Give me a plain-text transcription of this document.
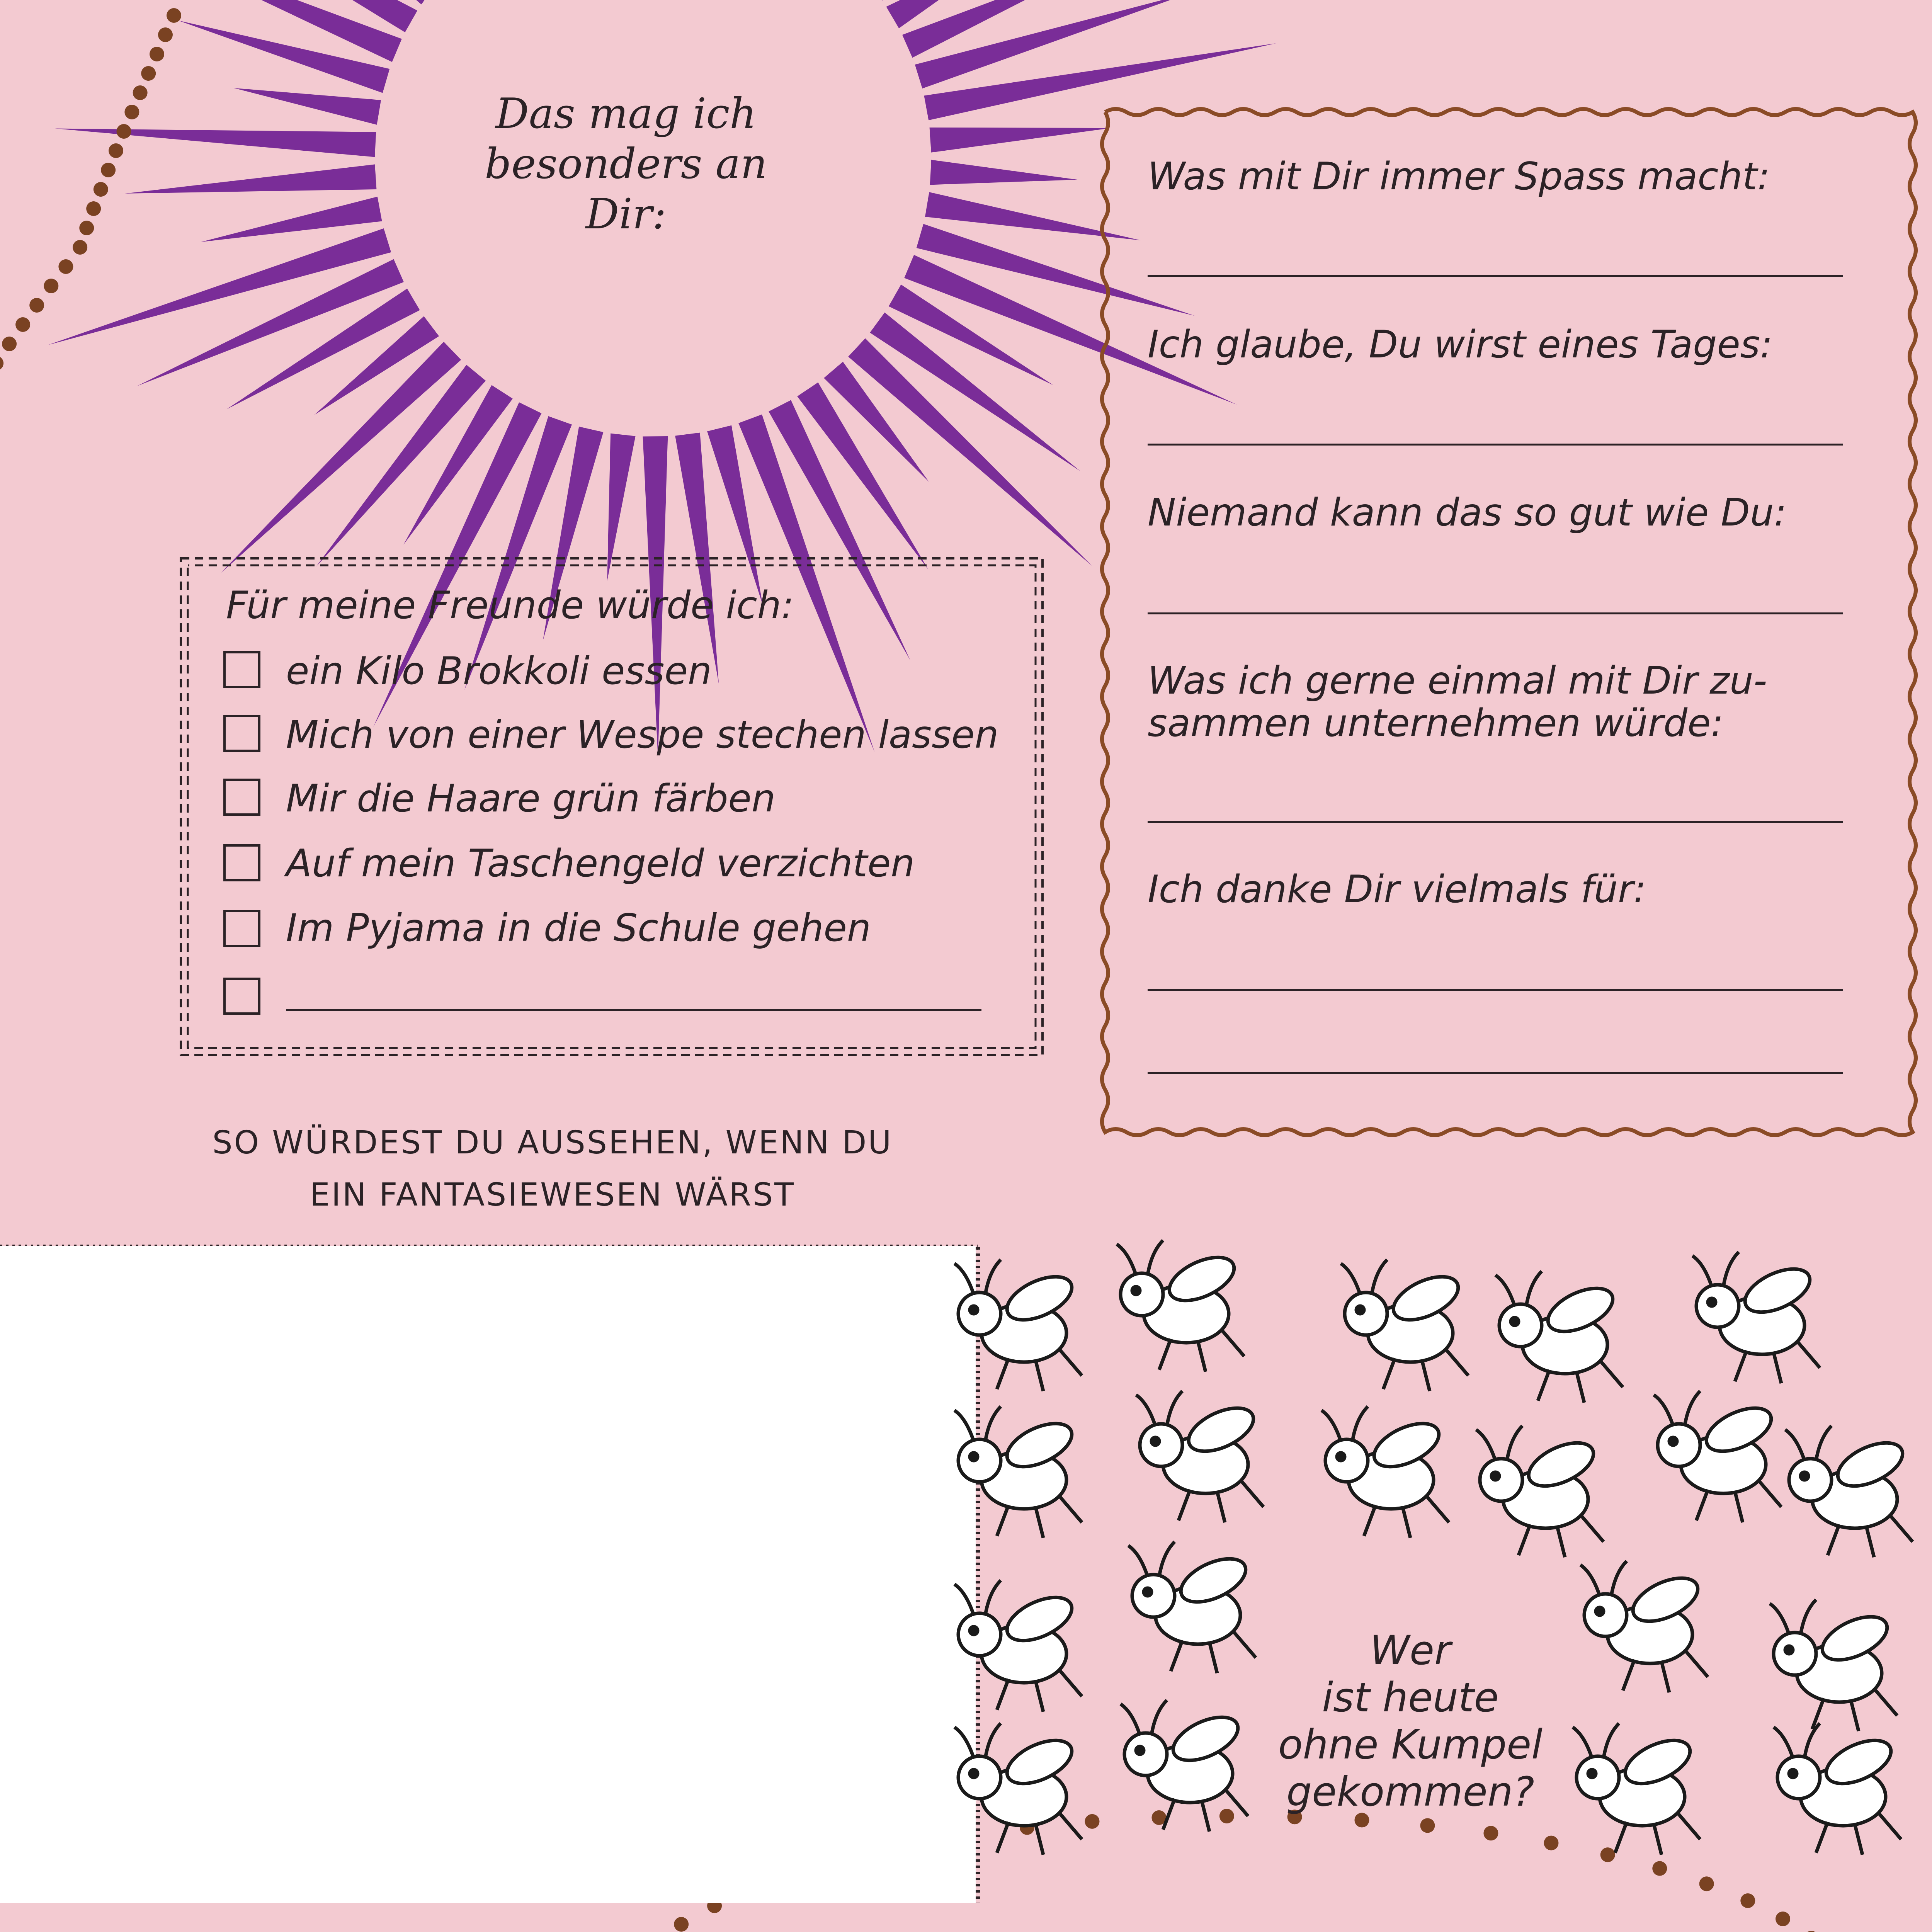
Das mag ich
besonders an Dir:
Für meine Freunde würde ich:
ein Kilo Brokkoli essen
Mich von einer Wespe stechen lassen
Mir die Haare grün färben
Auf mein Taschengeld verzichten
Im Pyjama in die Schule gehen
Was mit Dir immer Spass macht:
Ich glaube, Du wirst eines Tages:
Niemand kann das so gut wie Du:
Was ich gerne einmal mit Dir zu-
sammen unternehmen würde:
Ich danke Dir vielmals für:
SO WÜRDEST DU AUSSEHEN, WENN DU
EIN FANTASIEWESEN WÄRST
Wer
ist heute
ohne Kumpel
gekommen?
